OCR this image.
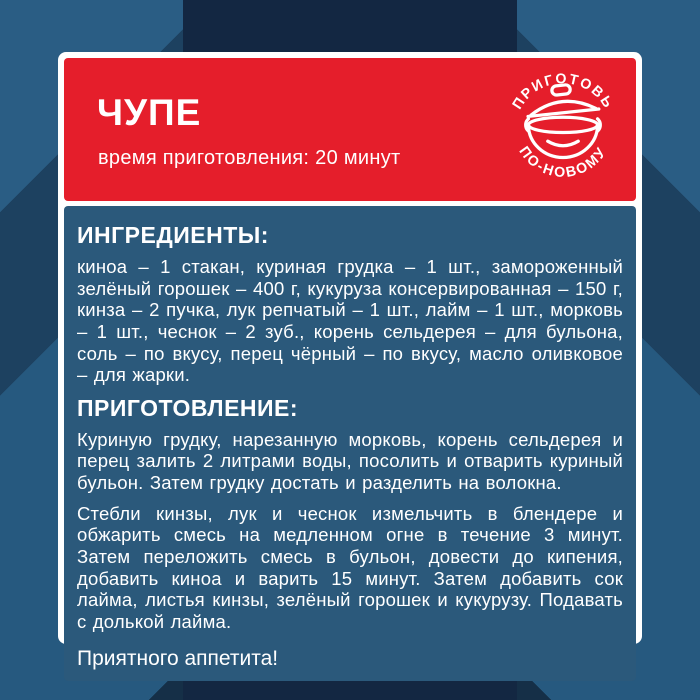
ЧУПЕ

время приготовления: 20 минут

ПРИГОТОВЬ
ПО-НОВОМУ
ИНГРЕДИЕНТЫ:

киноа – 1 стакан, куриная грудка – 1 шт., замороженный зелёный горошек – 400 г, кукуруза консервированная – 150 г, кинза – 2 пучка, лук репчатый – 1 шт., лайм – 1 шт., морковь – 1 шт., чеснок – 2 зуб., корень сельдерея – для бульона, соль – по вкусу, перец чёрный – по вкусу, масло оливковое – для жарки.

ПРИГОТОВЛЕНИЕ:

Куриную грудку, нарезанную морковь, корень сельдерея и перец залить 2 литрами воды, посолить и отварить куриный бульон. Затем грудку достать и разделить на волокна.

Стебли кинзы, лук и чеснок измельчить в блендере и обжарить смесь на медленном огне в течение 3 минут. Затем переложить смесь в бульон, довести до кипения, добавить киноа и варить 15 минут. Затем добавить сок лайма, листья кинзы, зелёный горошек и кукурузу. Подавать с долькой лайма.

Приятного аппетита!
